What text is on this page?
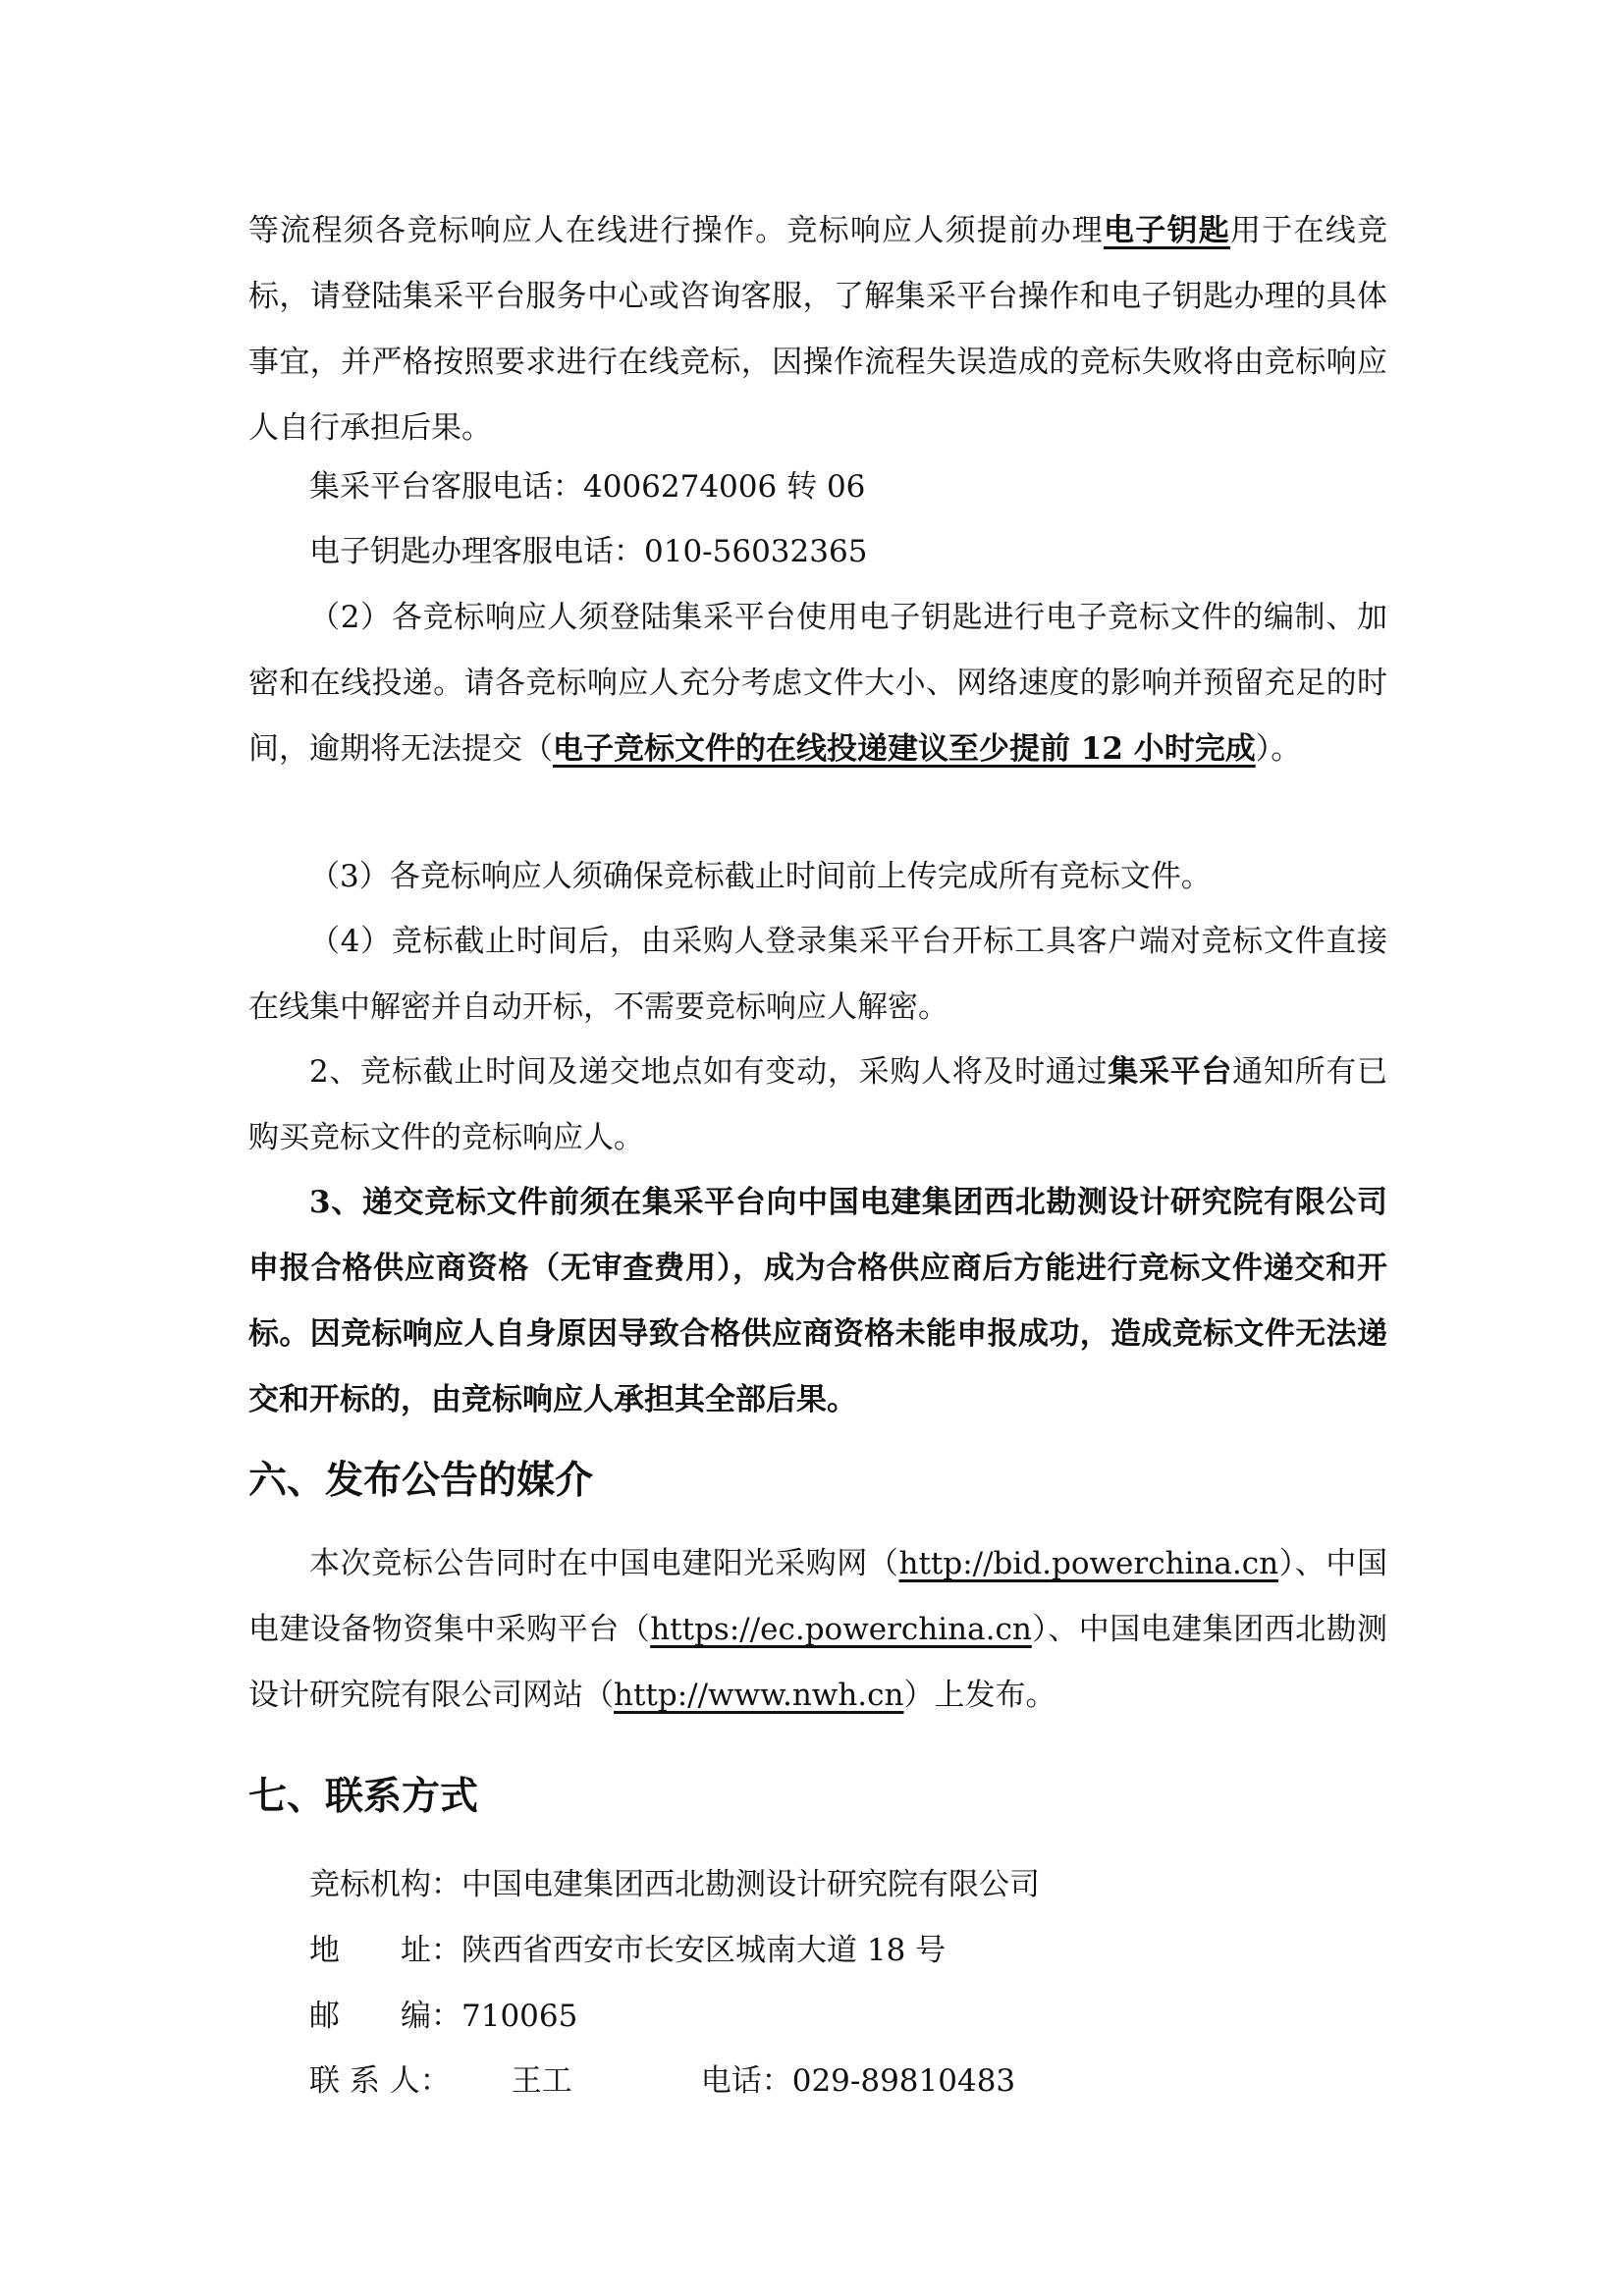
等流程须各竞标响应人在线进行操作。竞标响应人须提前办理电子钥匙用于在线竞标，请登陆集采平台服务中心或咨询客服，了解集采平台操作和电子钥匙办理的具体事宜，并严格按照要求进行在线竞标，因操作流程失误造成的竞标失败将由竞标响应人自行承担后果。

集采平台客服电话：4006274006 转 06

电子钥匙办理客服电话：010-56032365

（2）各竞标响应人须登陆集采平台使用电子钥匙进行电子竞标文件的编制、加密和在线投递。请各竞标响应人充分考虑文件大小、网络速度的影响并预留充足的时间，逾期将无法提交（电子竞标文件的在线投递建议至少提前 12 小时完成）。

（3）各竞标响应人须确保竞标截止时间前上传完成所有竞标文件。

（4）竞标截止时间后，由采购人登录集采平台开标工具客户端对竞标文件直接在线集中解密并自动开标，不需要竞标响应人解密。

2、竞标截止时间及递交地点如有变动，采购人将及时通过集采平台通知所有已购买竞标文件的竞标响应人。

3、递交竞标文件前须在集采平台向中国电建集团西北勘测设计研究院有限公司申报合格供应商资格（无审查费用），成为合格供应商后方能进行竞标文件递交和开标。因竞标响应人自身原因导致合格供应商资格未能申报成功，造成竞标文件无法递交和开标的，由竞标响应人承担其全部后果。

六、发布公告的媒介

本次竞标公告同时在中国电建阳光采购网（http://bid.powerchina.cn）、中国电建设备物资集中采购平台（https://ec.powerchina.cn）、中国电建集团西北勘测设计研究院有限公司网站（http://www.nwh.cn）上发布。

七、联系方式

竞标机构：中国电建集团西北勘测设计研究院有限公司

地　　址：陕西省西安市长安区城南大道 18 号

邮　　编：710065

联 系 人： 王工	电话：029-89810483
